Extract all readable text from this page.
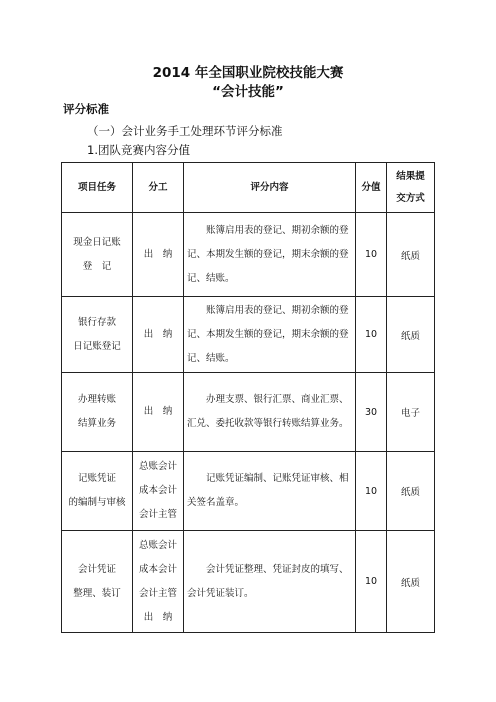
2014 年全国职业院校技能大赛
“会计技能”
评分标准
（一）会计业务手工处理环节评分标准
1.团队竞赛内容分值
项目任务	分工	评分内容	分值	结果提
交方式

现金日记账
登　记	出　纳	　　账簿启用表的登记、期初余额的登记、本期发生额的登记，期末余额的登记、结账。	10	纸质

银行存款
日记账登记	出　纳	　　账簿启用表的登记、期初余额的登记、本期发生额的登记，期末余额的登记、结账。	10	纸质

办理转账
结算业务	出　纳	　　办理支票、银行汇票、商业汇票、汇兑、委托收款等银行转账结算业务。	30	电子

记账凭证
的编制与审核	总账会计
成本会计
会计主管	　　记账凭证编制、记账凭证审核、相关签名盖章。	10	纸质

会计凭证
整理、装订	总账会计
成本会计
会计主管
出　纳	　　会计凭证整理、凭证封皮的填写、会计凭证装订。	10	纸质
